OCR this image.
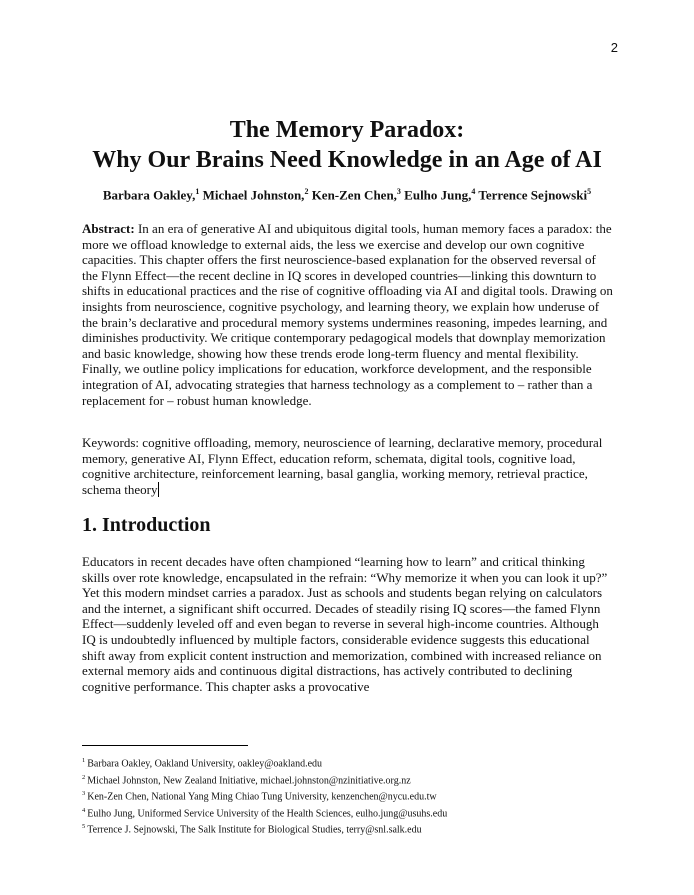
2
The Memory Paradox:
Why Our Brains Need Knowledge in an Age of AI
Barbara Oakley,$^1$ Michael Johnston,$^2$ Ken-Zen Chen,$^3$ Eulho Jung,$^4$ Terrence Sejnowski$^5$
Abstract: In an era of generative AI and ubiquitous digital tools, human memory faces a paradox: the more we offload knowledge to external aids, the less we exercise and develop our own cognitive capacities. This chapter offers the first neuroscience-based explanation for the observed reversal of the Flynn Effect—the recent decline in IQ scores in developed countries—linking this downturn to shifts in educational practices and the rise of cognitive offloading via AI and digital tools. Drawing on insights from neuroscience, cognitive psychology, and learning theory, we explain how underuse of the brain’s declarative and procedural memory systems undermines reasoning, impedes learning, and diminishes productivity. We critique contemporary pedagogical models that downplay memorization and basic knowledge, showing how these trends erode long-term fluency and mental flexibility. Finally, we outline policy implications for education, workforce development, and the responsible integration of AI, advocating strategies that harness technology as a complement to – rather than a replacement for – robust human knowledge.
Keywords: cognitive offloading, memory, neuroscience of learning, declarative memory, procedural memory, generative AI, Flynn Effect, education reform, schemata, digital tools, cognitive load, cognitive architecture, reinforcement learning, basal ganglia, working memory, retrieval practice, schema theory
1. Introduction
Educators in recent decades have often championed “learning how to learn” and critical thinking skills over rote knowledge, encapsulated in the refrain: “Why memorize it when you can look it up?” Yet this modern mindset carries a paradox. Just as schools and students began relying on calculators and the internet, a significant shift occurred. Decades of steadily rising IQ scores—the famed Flynn Effect—suddenly leveled off and even began to reverse in several high-income countries. Although IQ is undoubtedly influenced by multiple factors, considerable evidence suggests this educational shift away from explicit content instruction and memorization, combined with increased reliance on external memory aids and continuous digital distractions, has actively contributed to declining cognitive performance. This chapter asks a provocative
$^1$ Barbara Oakley, Oakland University, oakley@oakland.edu
$^2$ Michael Johnston, New Zealand Initiative, michael.johnston@nzinitiative.org.nz
$^3$ Ken-Zen Chen, National Yang Ming Chiao Tung University, kenzenchen@nycu.edu.tw
$^4$ Eulho Jung, Uniformed Service University of the Health Sciences, eulho.jung@usuhs.edu
$^5$ Terrence J. Sejnowski, The Salk Institute for Biological Studies, terry@snl.salk.edu
